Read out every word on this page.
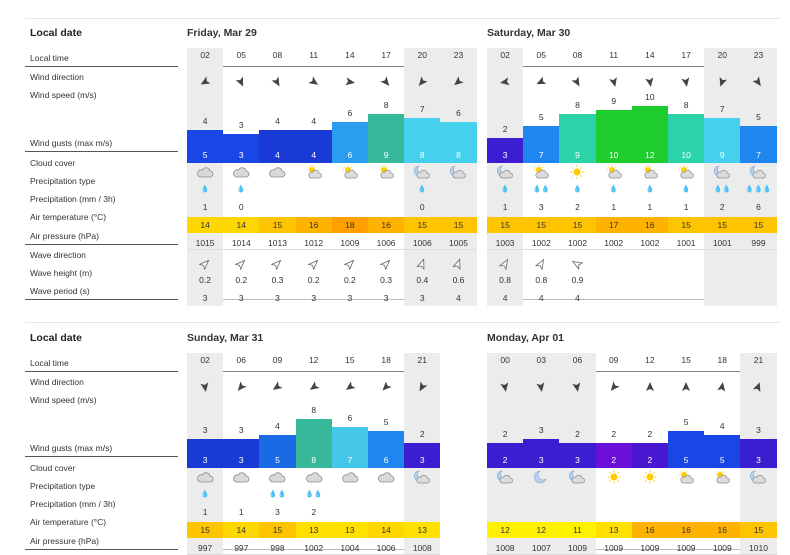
Local date
Local time
Wind direction
Wind speed (m/s)
Wind gusts (max m/s)
Cloud cover
Precipitation type
Precipitation (mm / 3h)
Air temperature (°C)
Air pressure (hPa)
Wave direction
Wave height (m)
Wave period (s)
Local date
Local time
Wind direction
Wind speed (m/s)
Wind gusts (max m/s)
Cloud cover
Precipitation type
Precipitation (mm / 3h)
Air temperature (°C)
Air pressure (hPa)
Friday, Mar 29
02
4
5
💧
1
14
1015
0.2
3
05
3
3
💧
0
14
1014
0.2
3
08
4
4
15
1013
0.3
3
11
4
4
16
1012
0.2
3
14
6
6
18
1009
0.2
3
17
8
9
16
1006
0.3
3
20
7
8
💧
0
15
1006
0.4
3
23
6
8
15
1005
0.6
4
Saturday, Mar 30
02
2
3
💧
1
15
1003
0.8
4
05
5
7
💧💧
3
15
1002
0.8
4
08
8
9
💧
2
15
1002
0.9
4
11
9
10
💧
1
17
1002
14
10
12
💧
1
16
1002
17
8
10
💧
1
15
1001
20
7
9
💧💧
2
15
1001
23
5
7
💧💧💧
6
15
999
Sunday, Mar 31
02
3
3
💧
1
15
997
06
3
3
1
14
997
09
4
5
💧💧
3
15
998
12
8
8
💧💧
2
13
1002
15
6
7
13
1004
18
5
6
14
1006
21
2
3
13
1008
Monday, Apr 01
00
2
2
12
1008
03
3
3
12
1007
06
2
3
11
1009
09
2
2
13
1009
12
2
2
16
1009
15
5
5
16
1009
18
4
5
16
1009
21
3
3
15
1010
